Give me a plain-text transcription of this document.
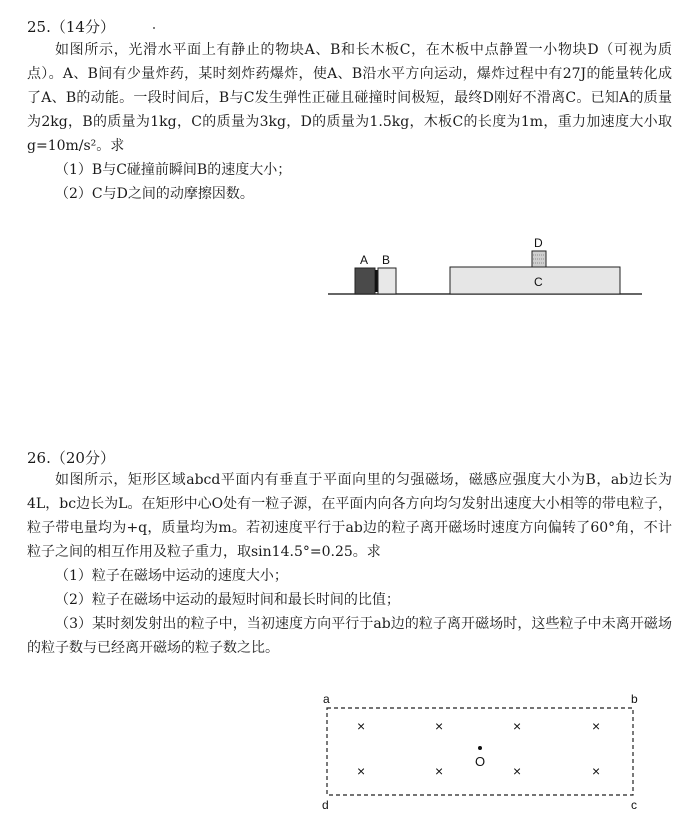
25.（14分）

如图所示，光滑水平面上有静止的物块A、B和长木板C，在木板中点静置一小物块D（可视为质点）。A、B间有少量炸药，某时刻炸药爆炸，使A、B沿水平方向运动，爆炸过程中有27J的能量转化成了A、B的动能。一段时间后，B与C发生弹性正碰且碰撞时间极短，最终D刚好不滑离C。已知A的质量为2kg，B的质量为1kg，C的质量为3kg，D的质量为1.5kg，木板C的长度为1m，重力加速度大小取g=10m/s²。求

（1）B与C碰撞前瞬间B的速度大小；
（2）C与D之间的动摩擦因数。
A B
D
C
26.（20分）

如图所示，矩形区域abcd平面内有垂直于平面向里的匀强磁场，磁感应强度大小为B，ab边长为4L，bc边长为L。在矩形中心O处有一粒子源，在平面内向各方向均匀发射出速度大小相等的带电粒子，粒子带电量均为+q，质量均为m。若初速度平行于ab边的粒子离开磁场时速度方向偏转了60°角，不计粒子之间的相互作用及粒子重力，取sin14.5°=0.25。求

（1）粒子在磁场中运动的速度大小；
（2）粒子在磁场中运动的最短时间和最长时间的比值；

（3）某时刻发射出的粒子中，当初速度方向平行于ab边的粒子离开磁场时，这些粒子中未离开磁场的粒子数与已经离开磁场的粒子数之比。

a	b
d	c
×	×	×	×
×	×	×	×
O
